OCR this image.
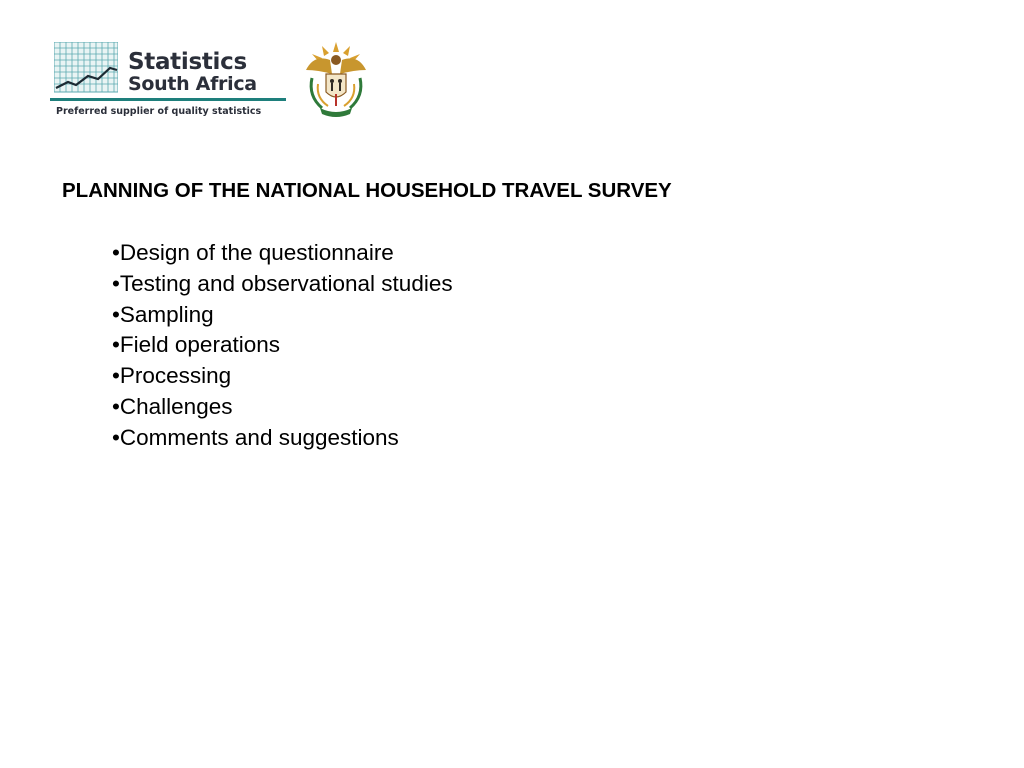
Statistics
South Africa
Preferred supplier of quality statistics
PLANNING OF THE NATIONAL HOUSEHOLD TRAVEL SURVEY
•Design of the questionnaire
•Testing and observational studies
•Sampling
•Field operations
•Processing
•Challenges
•Comments and suggestions
